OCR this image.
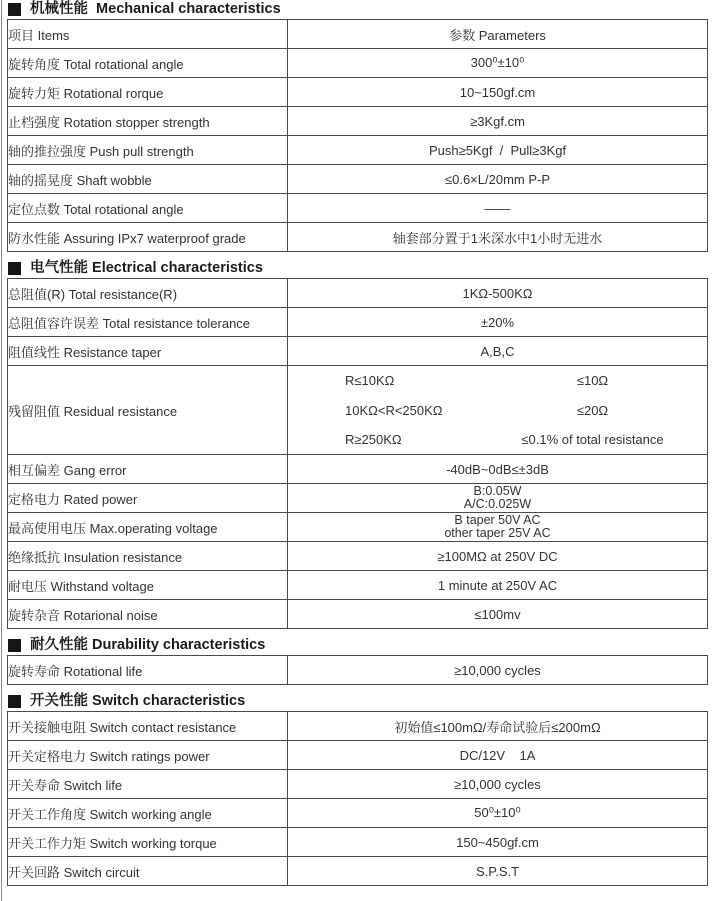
机械性能  Mechanical characteristics
项目 Items	参数 Parameters
旋转角度 Total rotational angle	300⁰±10⁰
旋转力矩 Rotational rorque	10~150gf.cm
止档强度 Rotation stopper strength	≥3Kgf.cm
轴的推拉强度 Push pull strength	Push≥5Kgf  /  Pull≥3Kgf
轴的摇晃度 Shaft wobble	≤0.6×L/20mm P-P
定位点数 Total rotational angle	——
防水性能 Assuring IPx7 waterproof grade	轴套部分置于1米深水中1小时无进水
电气性能 Electrical characteristics
总阻值(R) Total resistance(R)	1KΩ-500KΩ
总阻值容许误差 Total resistance tolerance	±20%
阻值线性 Resistance taper	A,B,C
残留阻值 Residual resistance	
R≤10KΩ	≤10Ω
10KΩ<R<250KΩ	≤20Ω
R≥250KΩ	≤0.1% of total resistance

相互偏差 Gang error	-40dB~0dB≤±3dB
定格电力 Rated power	B:0.05W
A/C:0.025W

最高使用电压 Max.operating voltage	B taper 50V AC
other taper 25V AC

绝缘抵抗 Insulation resistance	≥100MΩ at 250V DC
耐电压 Withstand voltage	1 minute at 250V AC
旋转杂音 Rotarional noise	≤100mv
耐久性能 Durability characteristics
旋转寿命 Rotational life	≥10,000 cycles
开关性能 Switch characteristics
开关接触电阻 Switch contact resistance	初始值≤100mΩ/寿命试验后≤200mΩ
开关定格电力 Switch ratings power	DC/12V    1A
开关寿命 Switch life	≥10,000 cycles
开关工作角度 Switch working angle	50⁰±10⁰
开关工作力矩 Switch working torque	150~450gf.cm
开关回路 Switch circuit	S.P.S.T
